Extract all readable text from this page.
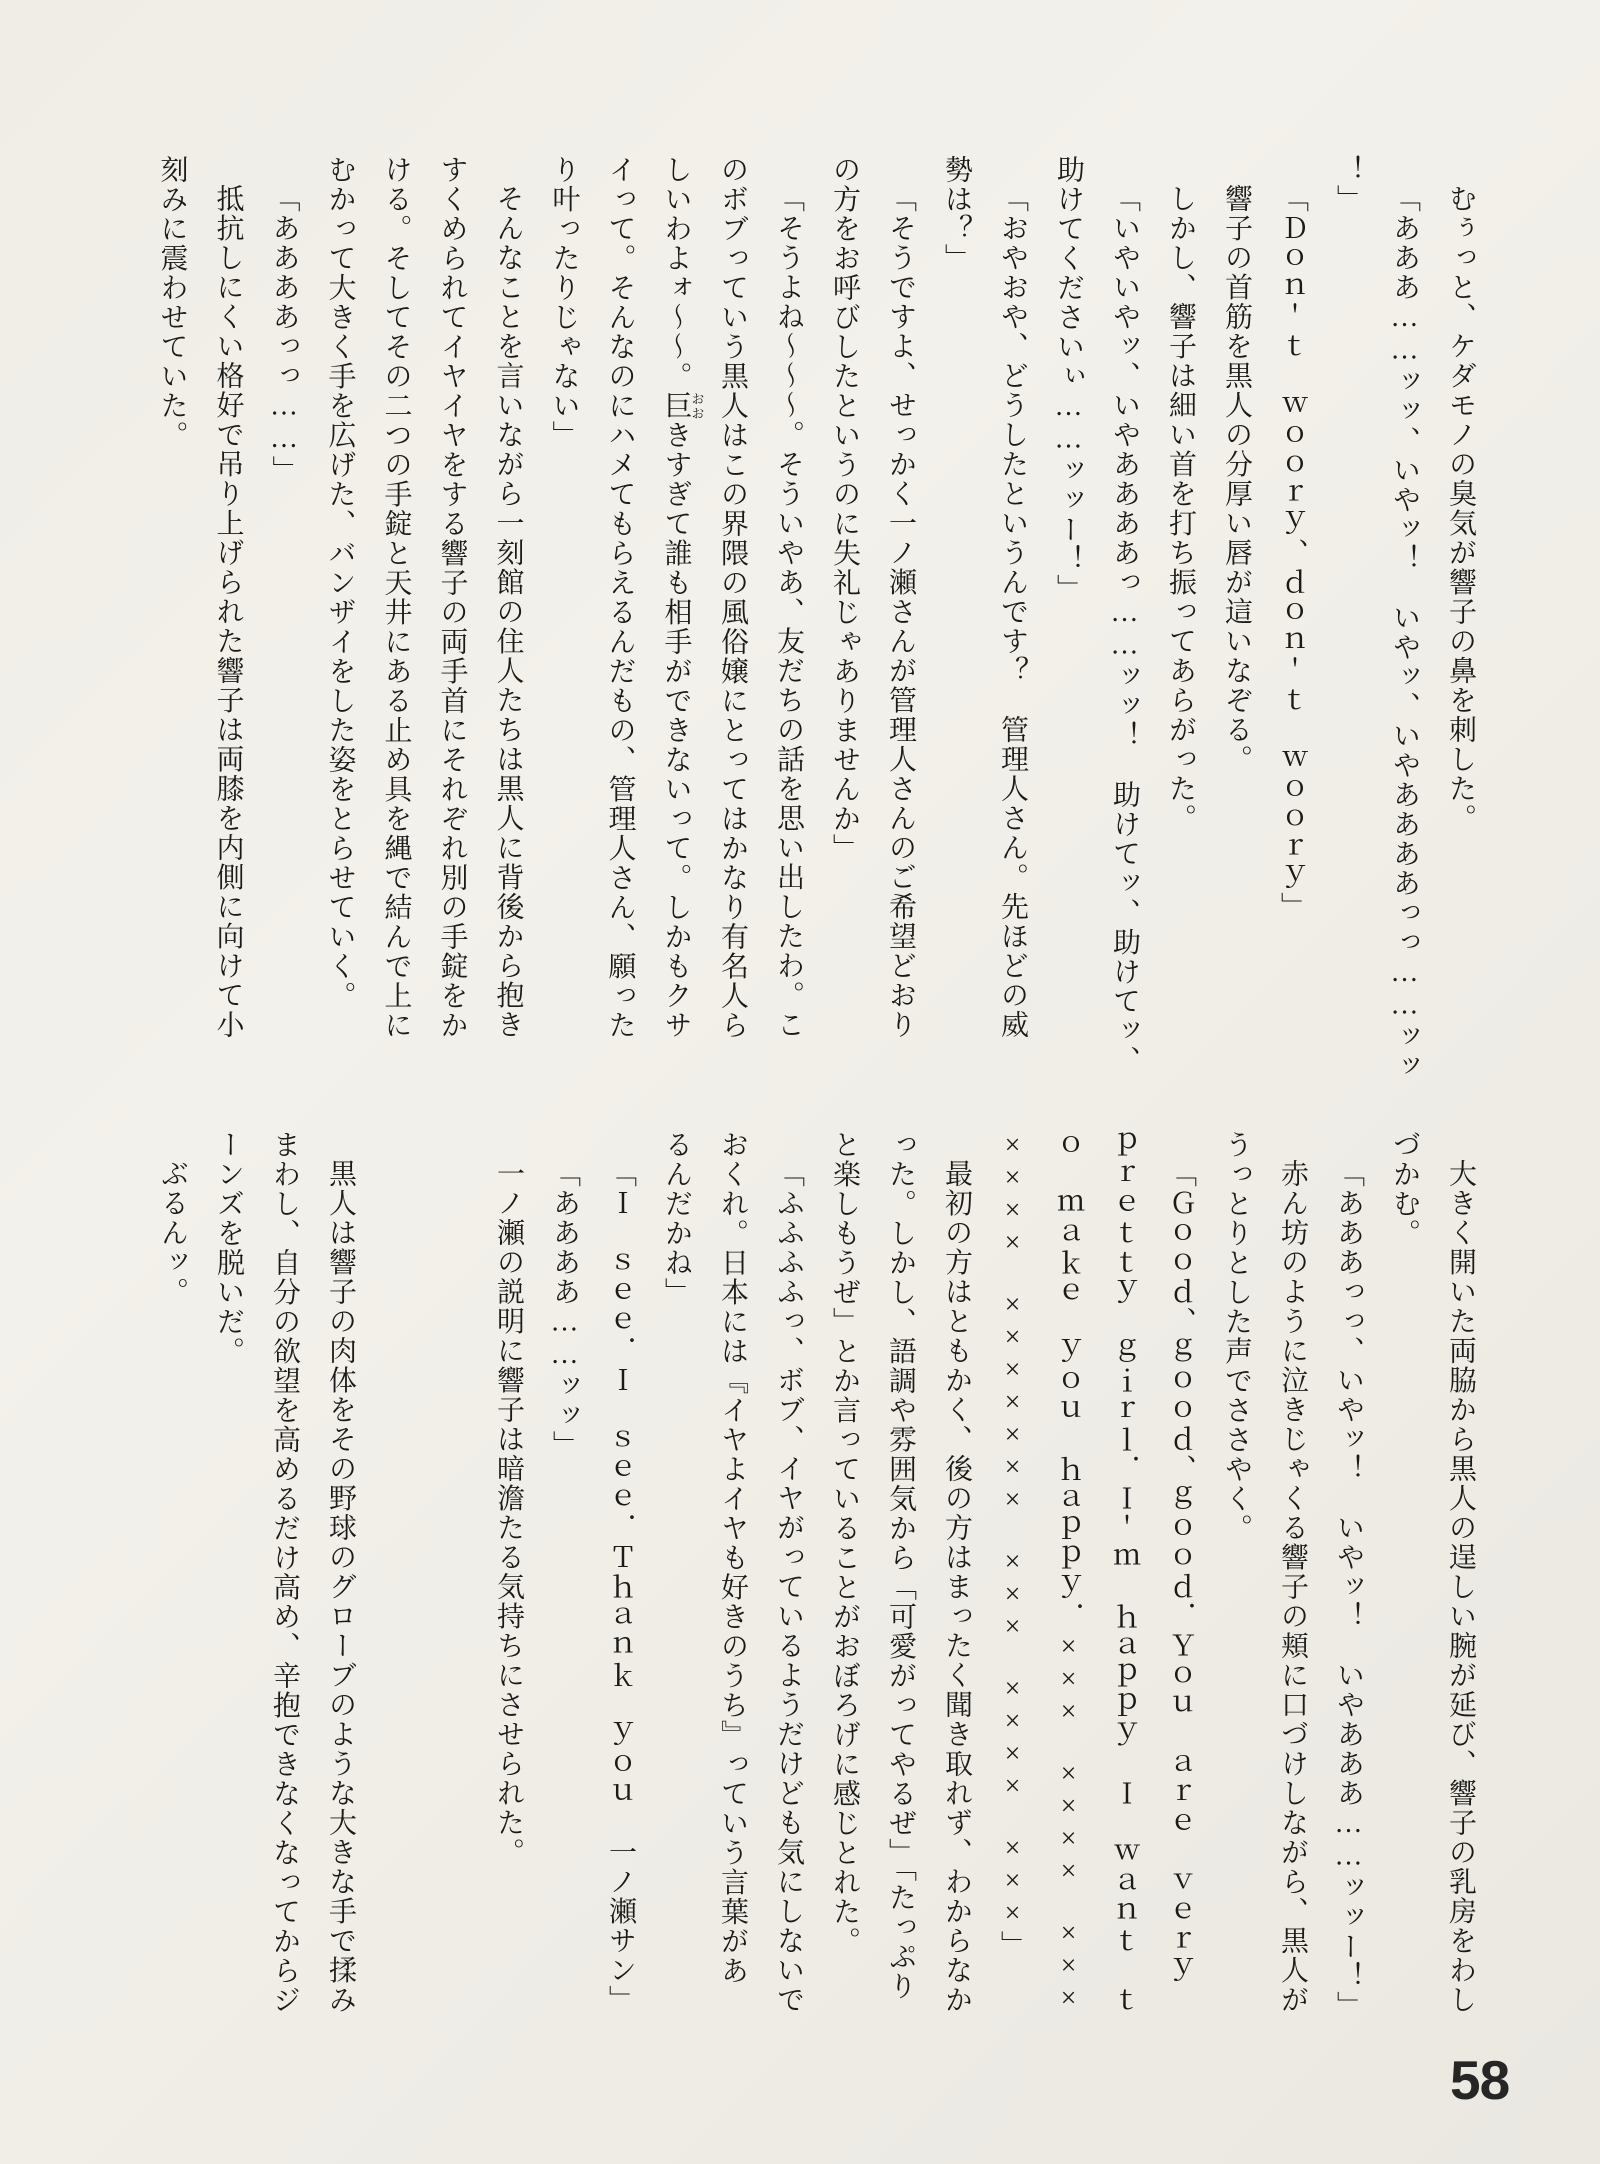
むぅっと、ケダモノの臭気が響子の鼻を刺した。
「あああ……ッッ、いやッ！　いやッ、いやああああっっ……ッッ
！」
「Ｄｏｎ＇ｔ　ｗｏｏｒｙ、ｄｏｎ＇ｔ　ｗｏｏｒｙ」
響子の首筋を黒人の分厚い唇が這いなぞる。
しかし、響子は細い首を打ち振ってあらがった。
「いやいやッ、いやああああっ……ッッ！　助けてッ、助けてッ、
助けてくださいぃ……ッッー！」
「おやおや、どうしたというんです？　管理人さん。先ほどの威
勢は？」
「そうですよ、せっかく一ノ瀬さんが管理人さんのご希望どおり
の方をお呼びしたというのに失礼じゃありませんか」
「そうよね～～～。そういやあ、友だちの話を思い出したわ。こ
のボブっていう黒人はこの界隈の風俗嬢にとってはかなり有名人ら
しいわよォ～～。巨おおきすぎて誰も相手ができないって。しかもクサ
イって。そんなのにハメてもらえるんだもの、管理人さん、願った
り叶ったりじゃない」
そんなことを言いながら一刻館の住人たちは黒人に背後から抱き
すくめられてイヤイヤをする響子の両手首にそれぞれ別の手錠をか
ける。そしてその二つの手錠と天井にある止め具を縄で結んで上に
むかって大きく手を広げた、バンザイをした姿をとらせていく。
「ああああっっ……」
抵抗しにくい格好で吊り上げられた響子は両膝を内側に向けて小
刻みに震わせていた。
大きく開いた両脇から黒人の逞しい腕が延び、響子の乳房をわし
づかむ。
「あああっっ、いやッ！　いやッ！　いやあああ……ッッー！」
赤ん坊のように泣きじゃくる響子の頬に口づけしながら、黒人が
うっとりとした声でささやく。
「Ｇｏｏｄ、ｇｏｏｄ、ｇｏｏｄ．Ｙｏｕ　ａｒｅ　ｖｅｒｙ
ｐｒｅｔｔｙ　ｇｉｒｌ．Ｉ＇ｍ　ｈａｐｐｙ　Ｉ　ｗａｎｔ　ｔ
ｏ　ｍａｋｅ　ｙｏｕ　ｈａｐｐｙ．×××　××××　×××
××××　×××××××　×××　××××　×××」
最初の方はともかく、後の方はまったく聞き取れず、わからなか
った。しかし、語調や雰囲気から「可愛がってやるぜ」「たっぷり
と楽しもうぜ」とか言っていることがおぼろげに感じとれた。
「ふふふふっ、ボブ、イヤがっているようだけども気にしないで
おくれ。日本には『イヤよイヤも好きのうち』っていう言葉があ
るんだかね」
「Ｉ　ｓｅｅ．Ｉ　ｓｅｅ．Ｔｈａｎｋ　ｙｏｕ　一ノ瀬サン」
「ああああ……ッッ」
一ノ瀬の説明に響子は暗澹たる気持ちにさせられた。
黒人は響子の肉体をその野球のグローブのような大きな手で揉み
まわし、自分の欲望を高めるだけ高め、辛抱できなくなってからジ
ーンズを脱いだ。
ぶるんッ。
58
